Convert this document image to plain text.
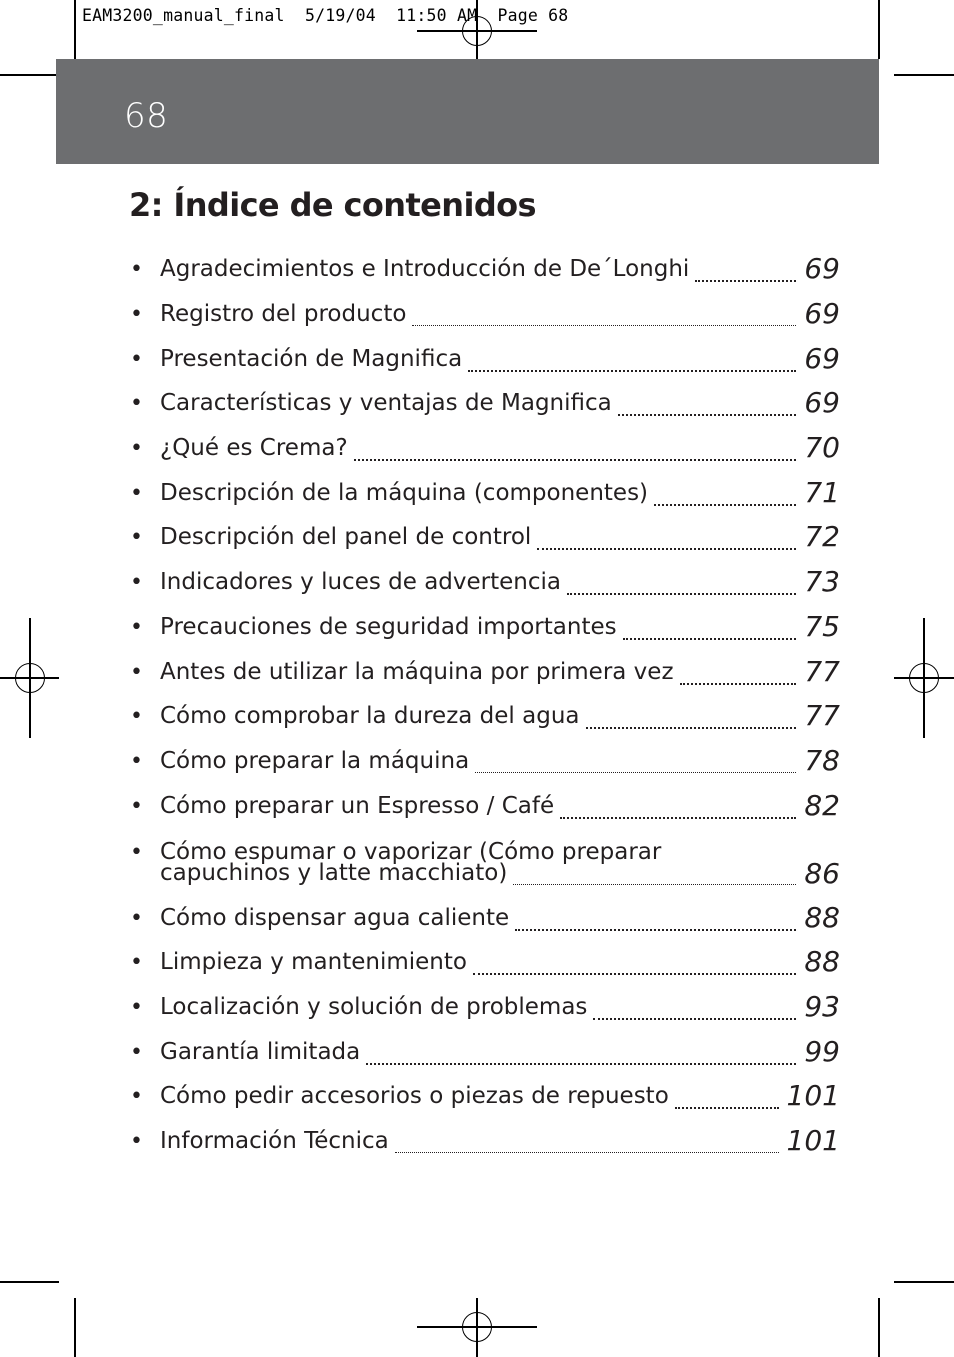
EAM3200_manual_final  5/19/04  11:50 AM  Page 68
68
2: Índice de contenidos
• Agradecimientos e Introducción de De´Longhi	69
• Registro del producto	69
• Presentación de Magnifica	69
• Características y ventajas de Magnifica	69
• ¿Qué es Crema?	70
• Descripción de la máquina (componentes)	71
• Descripción del panel de control	72
• Indicadores y luces de advertencia	73
• Precauciones de seguridad importantes	75
• Antes de utilizar la máquina por primera vez	77
• Cómo comprobar la dureza del agua	77
• Cómo preparar la máquina	78
• Cómo preparar un Espresso / Café	82
• Cómo espumar o vaporizar (Cómo preparar
capuchinos y latte macchiato)	86
• Cómo dispensar agua caliente	88
• Limpieza y mantenimiento	88
• Localización y solución de problemas	93
• Garantía limitada	99
• Cómo pedir accesorios o piezas de repuesto	101
• Información Técnica	101
